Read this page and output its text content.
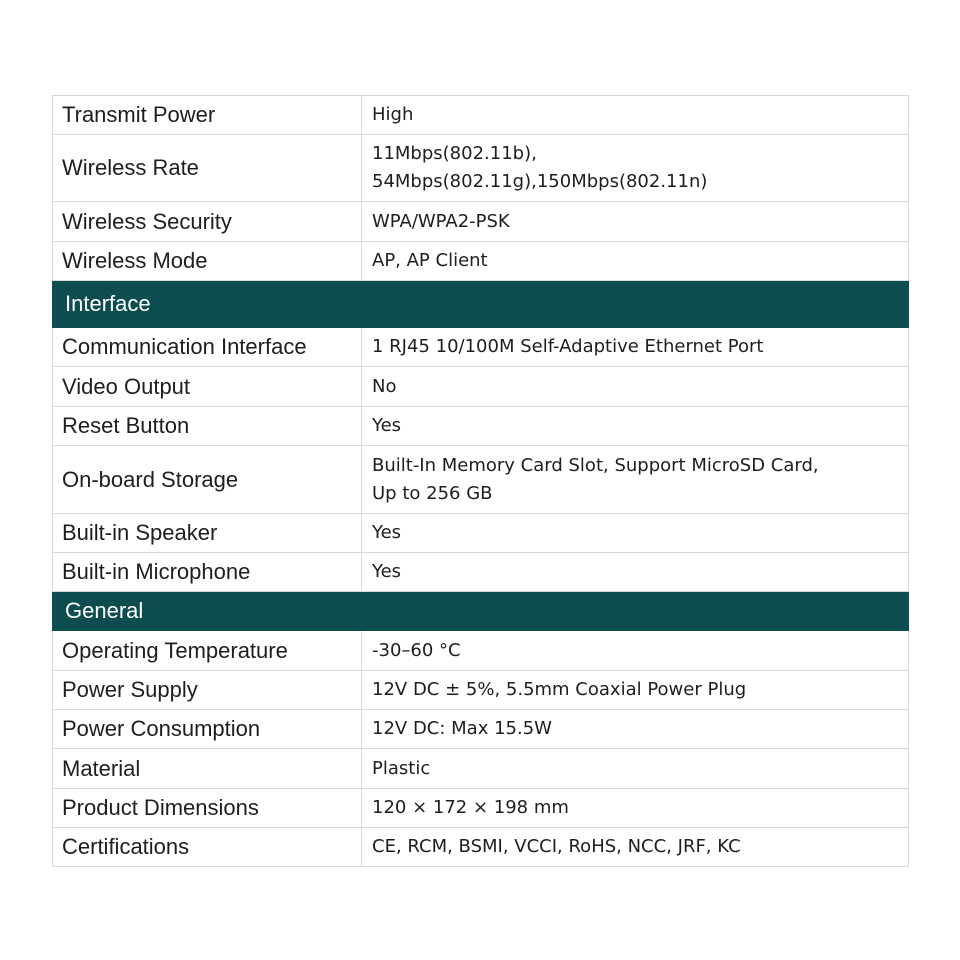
Transmit Power	High

Wireless Rate	11Mbps(802.11b),
54Mbps(802.11g),150Mbps(802.11n)

Wireless Security	WPA/WPA2-PSK

Wireless Mode	AP, AP Client

Interface	
Communication Interface	1 RJ45 10/100M Self-Adaptive Ethernet Port

Video Output	No

Reset Button	Yes

On-board Storage	Built-In Memory Card Slot, Support MicroSD Card,
Up to 256 GB

Built-in Speaker	Yes

Built-in Microphone	Yes

General	
Operating Temperature	-30–60 °C

Power Supply	12V DC ± 5%, 5.5mm Coaxial Power Plug

Power Consumption	12V DC: Max 15.5W

Material	Plastic

Product Dimensions	120 × 172 × 198 mm

Certifications	CE, RCM, BSMI, VCCI, RoHS, NCC, JRF, KC
